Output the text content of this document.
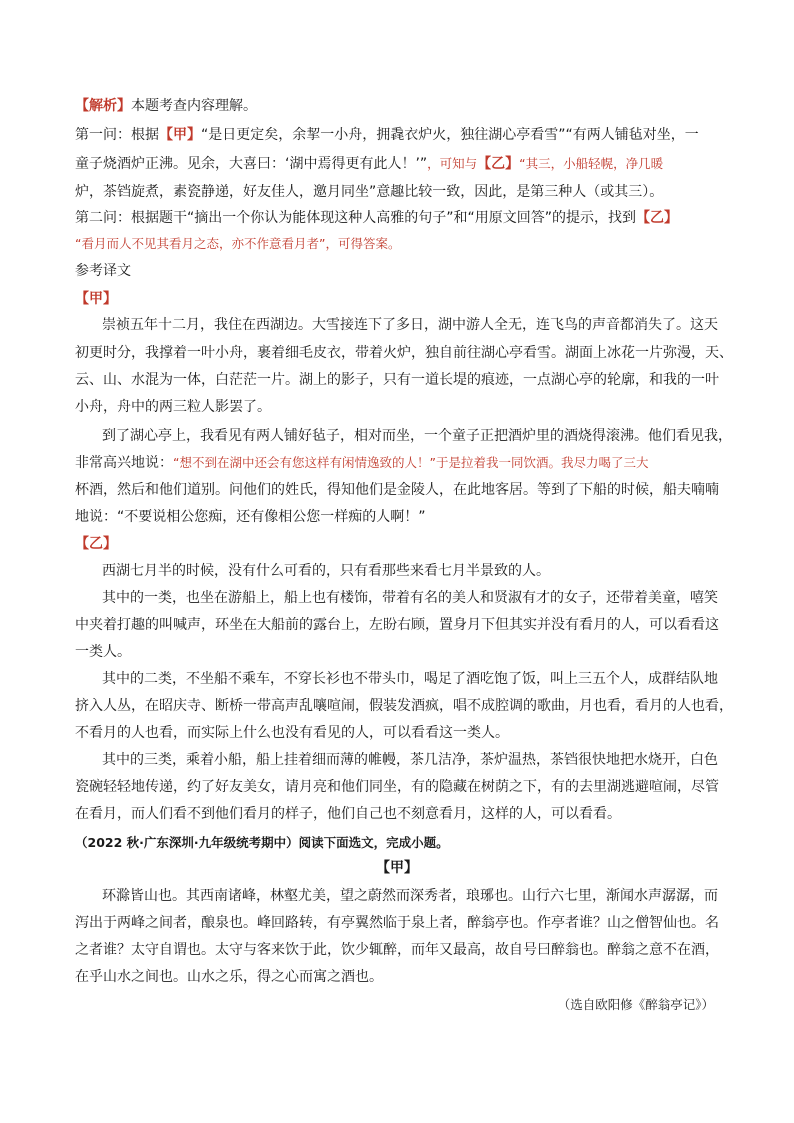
【解析】本题考查内容理解。
第一问：根据【甲】“是日更定矣，余挈一小舟，拥毳衣炉火，独往湖心亭看雪”“有两人铺毡对坐，一
童子烧酒炉正沸。见余，大喜曰：‘湖中焉得更有此人！’”，可知与【乙】“其三，小船轻幌，净几暖
炉，茶铛旋煮，素瓷静递，好友佳人，邀月同坐”意趣比较一致，因此，是第三种人（或其三）。
第二问：根据题干“摘出一个你认为能体现这种人高雅的句子”和“用原文回答”的提示，找到【乙】
“看月而人不见其看月之态，亦不作意看月者”，可得答案。
参考译文
【甲】
崇祯五年十二月，我住在西湖边。大雪接连下了多日，湖中游人全无，连飞鸟的声音都消失了。这天
初更时分，我撑着一叶小舟，裹着细毛皮衣，带着火炉，独自前往湖心亭看雪。湖面上冰花一片弥漫，天、
云、山、水混为一体，白茫茫一片。湖上的影子，只有一道长堤的痕迹，一点湖心亭的轮廓，和我的一叶
小舟，舟中的两三粒人影罢了。
到了湖心亭上，我看见有两人铺好毡子，相对而坐，一个童子正把酒炉里的酒烧得滚沸。他们看见我，
非常高兴地说：“想不到在湖中还会有您这样有闲情逸致的人！”于是拉着我一同饮酒。我尽力喝了三大
杯酒，然后和他们道别。问他们的姓氏，得知他们是金陵人，在此地客居。等到了下船的时候，船夫喃喃
地说：“不要说相公您痴，还有像相公您一样痴的人啊！”
【乙】
西湖七月半的时候，没有什么可看的，只有看那些来看七月半景致的人。
其中的一类，也坐在游船上，船上也有楼饰，带着有名的美人和贤淑有才的女子，还带着美童，嘻笑
中夹着打趣的叫喊声，环坐在大船前的露台上，左盼右顾，置身月下但其实并没有看月的人，可以看看这
一类人。
其中的二类，不坐船不乘车，不穿长衫也不带头巾，喝足了酒吃饱了饭，叫上三五个人，成群结队地
挤入人丛，在昭庆寺、断桥一带高声乱嚷喧闹，假装发酒疯，唱不成腔调的歌曲，月也看，看月的人也看，
不看月的人也看，而实际上什么也没有看见的人，可以看看这一类人。
其中的三类，乘着小船，船上挂着细而薄的帷幔，茶几洁净，茶炉温热，茶铛很快地把水烧开，白色
瓷碗轻轻地传递，约了好友美女，请月亮和他们同坐，有的隐藏在树荫之下，有的去里湖逃避喧闹，尽管
在看月，而人们看不到他们看月的样子，他们自己也不刻意看月，这样的人，可以看看。
（2022 秋·广东深圳·九年级统考期中）阅读下面选文，完成小题。
【甲】
环滁皆山也。其西南诸峰，林壑尤美，望之蔚然而深秀者，琅琊也。山行六七里，渐闻水声潺潺，而
泻出于两峰之间者，酿泉也。峰回路转，有亭翼然临于泉上者，醉翁亭也。作亭者谁？山之僧智仙也。名
之者谁？太守自谓也。太守与客来饮于此，饮少辄醉，而年又最高，故自号曰醉翁也。醉翁之意不在酒，
在乎山水之间也。山水之乐，得之心而寓之酒也。
（选自欧阳修《醉翁亭记》）
